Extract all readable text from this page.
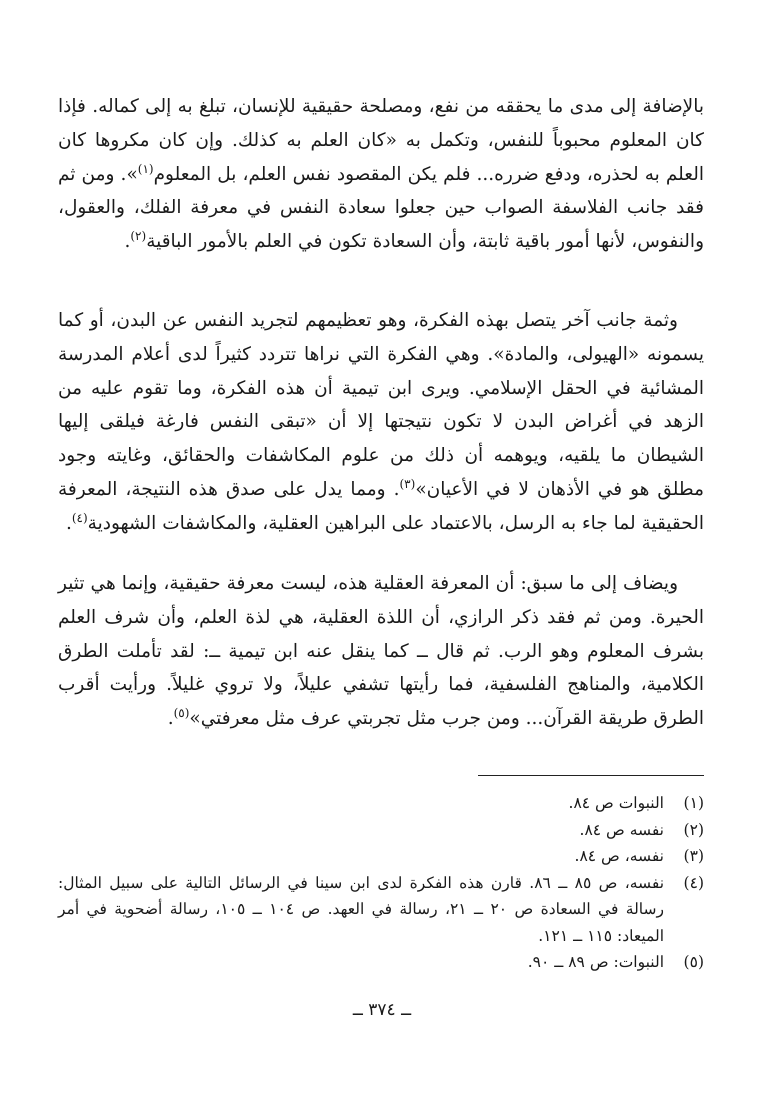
بالإضافة إلى مدى ما يحققه من نفع، ومصلحة حقيقية للإنسان، تبلغ به إلى كماله. فإذا كان المعلوم محبوباً للنفس، وتكمل به «كان العلم به كذلك. وإن كان مكروها كان العلم به لحذره، ودفع ضرره... فلم يكن المقصود نفس العلم، بل المعلوم$^{(١)}$». ومن ثم فقد جانب الفلاسفة الصواب حين جعلوا سعادة النفس في معرفة الفلك، والعقول، والنفوس، لأنها أمور باقية ثابتة، وأن السعادة تكون في العلم بالأمور الباقية$^{(٢)}$.

وثمة جانب آخر يتصل بهذه الفكرة، وهو تعظيمهم لتجريد النفس عن البدن، أو كما يسمونه «الهيولى، والمادة». وهي الفكرة التي نراها تتردد كثيراً لدى أعلام المدرسة المشائية في الحقل الإسلامي. ويرى ابن تيمية أن هذه الفكرة، وما تقوم عليه من الزهد في أغراض البدن لا تكون نتيجتها إلا أن «تبقى النفس فارغة فيلقى إليها الشيطان ما يلقيه، ويوهمه أن ذلك من علوم المكاشفات والحقائق، وغايته وجود مطلق هو في الأذهان لا في الأعيان»$^{(٣)}$. ومما يدل على صدق هذه النتيجة، المعرفة الحقيقية لما جاء به الرسل، بالاعتماد على البراهين العقلية، والمكاشفات الشهودية$^{(٤)}$.

ويضاف إلى ما سبق: أن المعرفة العقلية هذه، ليست معرفة حقيقية، وإنما هي تثير الحيرة. ومن ثم فقد ذكر الرازي، أن اللذة العقلية، هي لذة العلم، وأن شرف العلم بشرف المعلوم وهو الرب. ثم قال ــ كما ينقل عنه ابن تيمية ــ: لقد تأملت الطرق الكلامية، والمناهج الفلسفية، فما رأيتها تشفي عليلاً، ولا تروي غليلاً. ورأيت أقرب الطرق طريقة القرآن... ومن جرب مثل تجربتي عرف مثل معرفتي»$^{(٥)}$.

(١)
النبوات ص ٨٤.
(٢)
نفسه ص ٨٤.
(٣)
نفسه، ص ٨٤.
(٤)
نفسه، ص ٨٥ ــ ٨٦. قارن هذه الفكرة لدى ابن سينا في الرسائل التالية على سبيل المثال: رسالة في السعادة ص ٢٠ ــ ٢١، رسالة في العهد. ص ١٠٤ ــ ١٠٥، رسالة أضحوية في أمر الميعاد: ١١٥ ــ ١٢١.
(٥)
النبوات: ص ٨٩ ــ ٩٠.
ــ ٣٧٤ ــ
